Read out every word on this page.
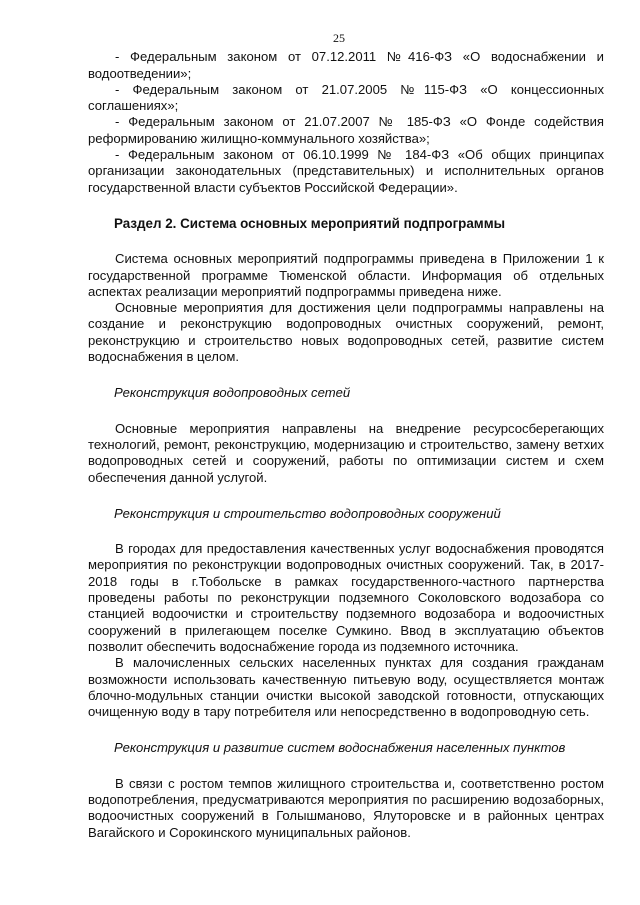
25

- Федеральным законом от 07.12.2011 №416-ФЗ «О водоснабжении и водоотведении»;

- Федеральным законом от 21.07.2005 №115-ФЗ «О концессионных соглашениях»;

- Федеральным законом от 21.07.2007 № 185-ФЗ «О Фонде содействия реформированию жилищно-коммунального хозяйства»;

- Федеральным законом от 06.10.1999 № 184-ФЗ «Об общих принципах организации законодательных (представительных) и исполнительных органов государственной власти субъектов Российской Федерации».

Раздел 2. Система основных мероприятий подпрограммы

Система основных мероприятий подпрограммы приведена в Приложении 1 к государственной программе Тюменской области. Информация об отдельных аспектах реализации мероприятий подпрограммы приведена ниже.

Основные мероприятия для достижения цели подпрограммы направлены на создание и реконструкцию водопроводных очистных сооружений, ремонт, реконструкцию и строительство новых водопроводных сетей, развитие систем водоснабжения в целом.

Реконструкция водопроводных сетей

Основные мероприятия направлены на внедрение ресурсосберегающих технологий, ремонт, реконструкцию, модернизацию и строительство, замену ветхих водопроводных сетей и сооружений, работы по оптимизации систем и схем обеспечения данной услугой.

Реконструкция и строительство водопроводных сооружений

В городах для предоставления качественных услуг водоснабжения проводятся мероприятия по реконструкции водопроводных очистных сооружений. Так, в 2017- 2018 годы в г.Тобольске в рамках государственного-частного партнерства проведены работы по реконструкции подземного Соколовского водозабора со станцией водоочистки и строительству подземного водозабора и водоочистных сооружений в прилегающем поселке Сумкино. Ввод в эксплуатацию объектов позволит обеспечить водоснабжение города из подземного источника.

В малочисленных сельских населенных пунктах для создания гражданам возможности использовать качественную питьевую воду, осуществляется монтаж блочно-модульных станции очистки высокой заводской готовности, отпускающих очищенную воду в тару потребителя или непосредственно в водопроводную сеть.

Реконструкция и развитие систем водоснабжения населенных пунктов

В связи с ростом темпов жилищного строительства и, соответственно ростом водопотребления, предусматриваются мероприятия по расширению водозаборных, водоочистных сооружений в Голышманово, Ялуторовске и в районных центрах Вагайского и Сорокинского муниципальных районов.
